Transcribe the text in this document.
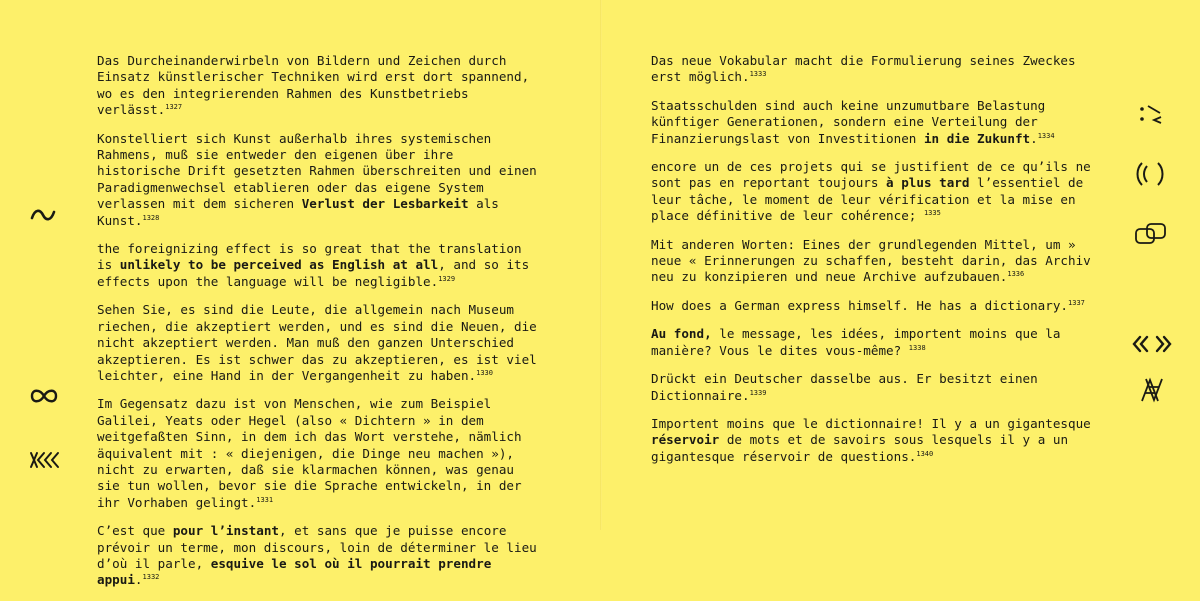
Das Durcheinanderwirbeln von Bildern und Zeichen durch Einsatz künstlerischer Techniken wird erst dort spannend, wo es den integrierenden Rahmen des Kunstbetriebs verlässt.$^{1327}$

Konstelliert sich Kunst außerhalb ihres systemischen Rahmens, muß sie entweder den eigenen über ihre historische Drift gesetzten Rahmen überschreiten und einen Paradigmenwechsel etablieren oder das eigene System verlassen mit dem sicheren Verlust der Lesbarkeit als Kunst.$^{1328}$

the foreignizing effect is so great that the translation is unlikely to be perceived as English at all, and so its effects upon the language will be negligible.$^{1329}$

Sehen Sie, es sind die Leute, die allgemein nach Museum riechen, die akzeptiert werden, und es sind die Neuen, die nicht akzeptiert werden. Man muß den ganzen Unterschied akzeptieren. Es ist schwer das zu akzeptieren, es ist viel leichter, eine Hand in der Vergangenheit zu haben.$^{1330}$

Im Gegensatz dazu ist von Menschen, wie zum Beispiel Galilei, Yeats oder Hegel (also « Dichtern » in dem weitgefaßten Sinn, in dem ich das Wort verstehe, nämlich äquivalent mit : « diejenigen, die Dinge neu machen »), nicht zu erwarten, daß sie klarmachen können, was genau sie tun wollen, bevor sie die Sprache entwickeln, in der ihr Vorhaben gelingt.$^{1331}$

C’est que pour l’instant, et sans que je puisse encore prévoir un terme, mon discours, loin de déterminer le lieu d’où il parle, esquive le sol où il pourrait prendre appui.$^{1332}$

Das neue Vokabular macht die Formulierung seines Zweckes erst möglich.$^{1333}$

Staatsschulden sind auch keine unzumutbare Belastung künftiger Generationen, sondern eine Verteilung der Finanzierungslast von Investitionen in die Zukunft.$^{1334}$

encore un de ces projets qui se justifient de ce qu’ils ne sont pas en reportant toujours à plus tard l’essentiel de leur tâche, le moment de leur vérification et la mise en place définitive de leur cohérence; $^{1335}$

Mit anderen Worten: Eines der grundlegenden Mittel, um » neue « Erinnerungen zu schaffen, besteht darin, das Archiv neu zu konzipieren und neue Archive aufzubauen.$^{1336}$

How does a German express himself. He has a dictionary.$^{1337}$

Au fond, le message, les idées, importent moins que la manière? Vous le dites vous-même? $^{1338}$

Drückt ein Deutscher dasselbe aus. Er besitzt einen Dictionnaire.$^{1339}$

Importent moins que le dictionnaire! Il y a un gigantesque réservoir de mots et de savoirs sous lesquels il y a un gigantesque réservoir de questions.$^{1340}$
